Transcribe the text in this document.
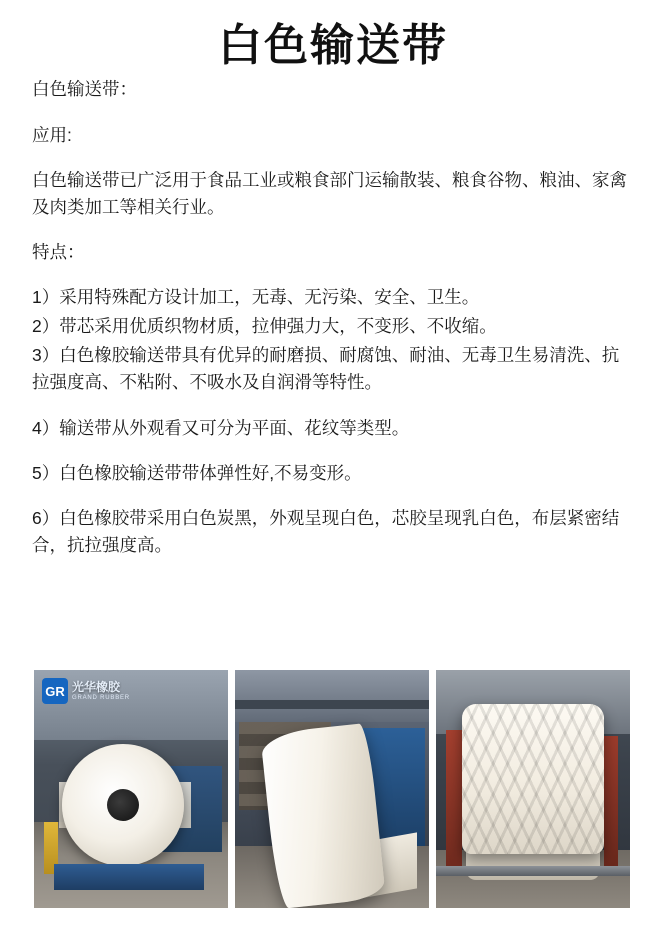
白色输送带

白色输送带：

应用:

白色输送带已广泛用于食品工业或粮食部门运输散装、粮食谷物、粮油、家禽及肉类加工等相关行业。

特点：

1）采用特殊配方设计加工，无毒、无污染、安全、卫生。

2）带芯采用优质织物材质，拉伸强力大，不变形、不收缩。

3）白色橡胶输送带具有优异的耐磨损、耐腐蚀、耐油、无毒卫生易清洗、抗拉强度高、不粘附、不吸水及自润滑等特性。

4）输送带从外观看又可分为平面、花纹等类型。

5）白色橡胶输送带带体弹性好,不易变形。

6）白色橡胶带采用白色炭黑，外观呈现白色，芯胶呈现乳白色，布层紧密结合，抗拉强度高。

GR 光华橡胶
GRAND RUBBER
